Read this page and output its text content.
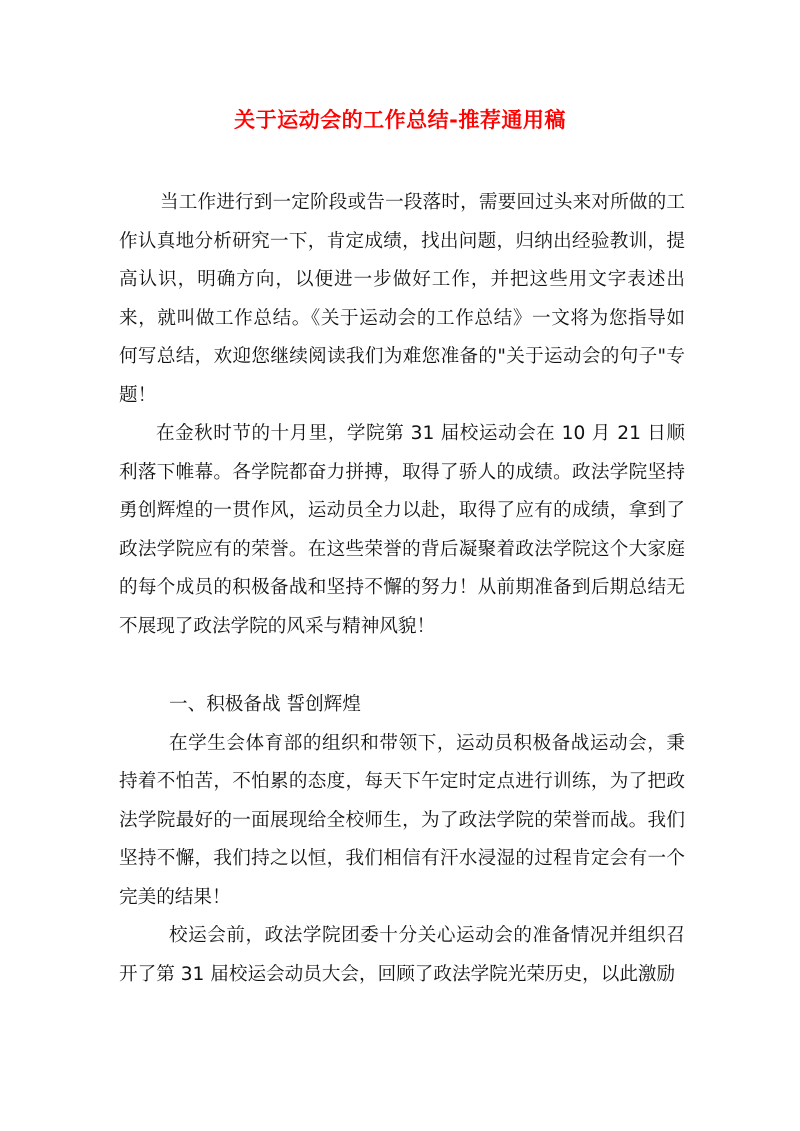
关于运动会的工作总结-推荐通用稿

当工作进行到一定阶段或告一段落时，需要回过头来对所做的工作认真地分析研究一下，肯定成绩，找出问题，归纳出经验教训，提高认识，明确方向，以便进一步做好工作，并把这些用文字表述出来，就叫做工作总结。《关于运动会的工作总结》一文将为您指导如何写总结，欢迎您继续阅读我们为难您准备的"关于运动会的句子"专题！

在金秋时节的十月里，学院第 31 届校运动会在 10 月 21 日顺利落下帷幕。各学院都奋力拼搏，取得了骄人的成绩。政法学院坚持勇创辉煌的一贯作风，运动员全力以赴，取得了应有的成绩，拿到了政法学院应有的荣誉。在这些荣誉的背后凝聚着政法学院这个大家庭的每个成员的积极备战和坚持不懈的努力！从前期准备到后期总结无不展现了政法学院的风采与精神风貌！

一、积极备战 誓创辉煌

在学生会体育部的组织和带领下，运动员积极备战运动会，秉持着不怕苦，不怕累的态度，每天下午定时定点进行训练，为了把政法学院最好的一面展现给全校师生，为了政法学院的荣誉而战。我们坚持不懈，我们持之以恒，我们相信有汗水浸湿的过程肯定会有一个完美的结果！

校运会前，政法学院团委十分关心运动会的准备情况并组织召开了第 31 届校运会动员大会，回顾了政法学院光荣历史，以此激励
